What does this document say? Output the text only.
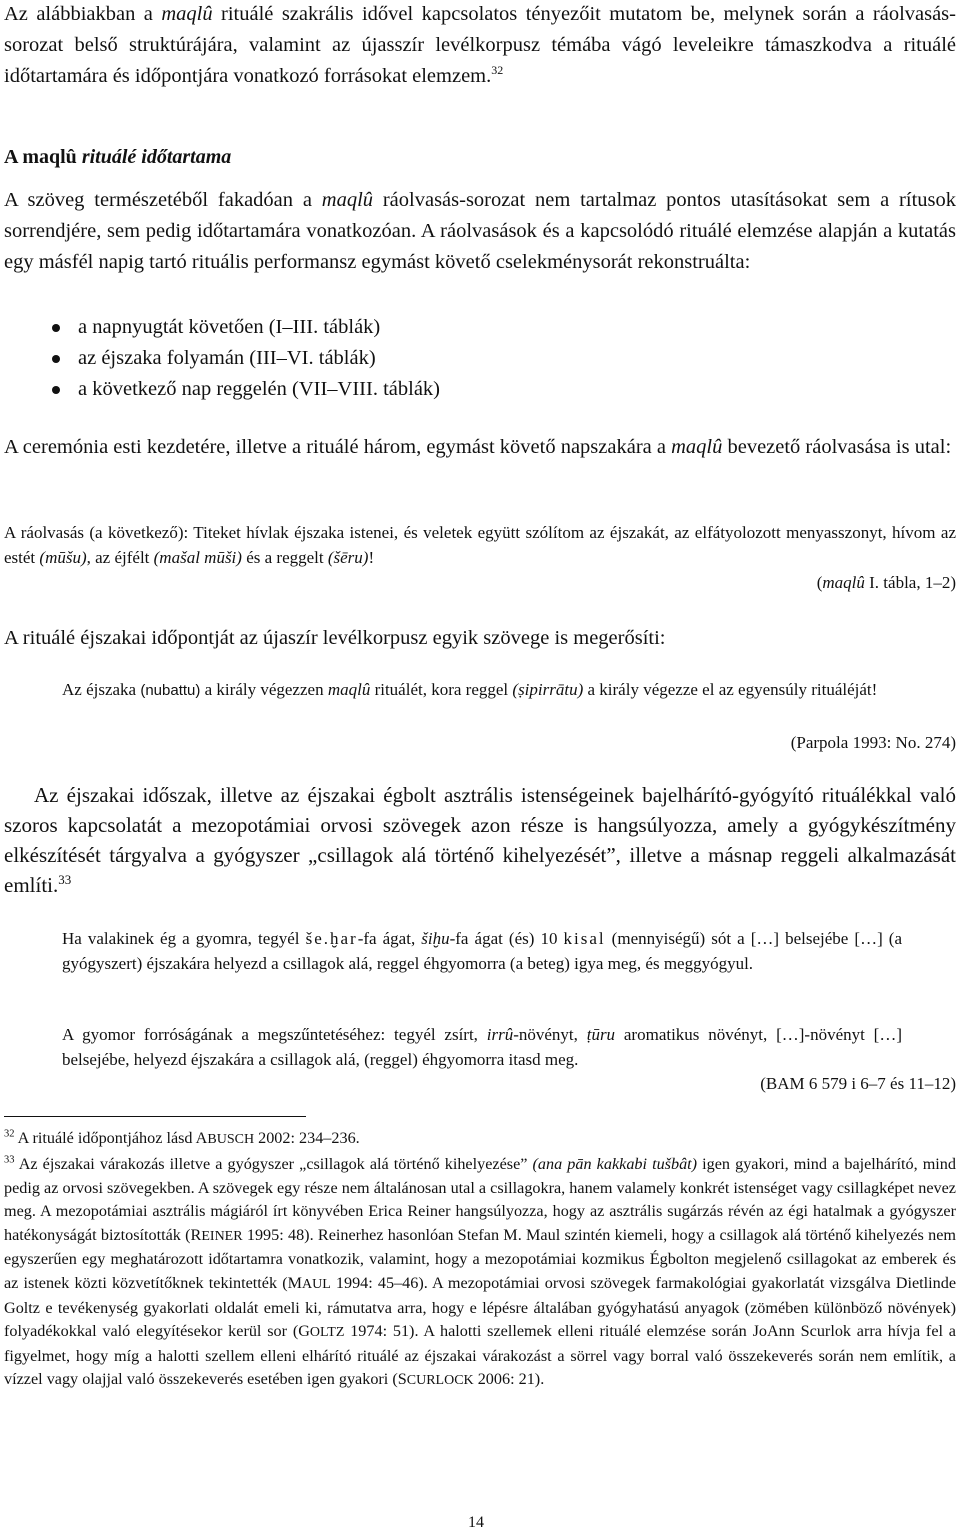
Az alábbiakban a maqlû rituálé szakrális idővel kapcsolatos tényezőit mutatom be, melynek során a ráolvasás-sorozat belső struktúrájára, valamint az újasszír levélkorpusz témába vágó leveleikre támaszkodva a rituálé időtartamára és időpontjára vonatkozó forrásokat elemzem.$^{32}$

A maqlû rituálé időtartama

A szöveg természetéből fakadóan a maqlû ráolvasás-sorozat nem tartalmaz pontos utasításokat sem a rítusok sorrendjére, sem pedig időtartamára vonatkozóan. A ráolvasások és a kapcsolódó rituálé elemzése alapján a kutatás egy másfél napig tartó rituális performansz egymást követő cselekménysorát rekonstruálta:

a napnyugtát követően (I–III. táblák)
az éjszaka folyamán (III–VI. táblák)
a következő nap reggelén (VII–VIII. táblák)

A ceremónia esti kezdetére, illetve a rituálé három, egymást követő napszakára a maqlû bevezető ráolvasása is utal:

A ráolvasás (a következő): Titeket hívlak éjszaka istenei, és veletek együtt szólítom az éjszakát, az elfátyolozott menyasszonyt, hívom az estét (mūšu), az éjfélt (mašal mūši) és a reggelt (šēru)!

(maqlû I. tábla, 1–2)

A rituálé éjszakai időpontját az újaszír levélkorpusz egyik szövege is megerősíti:

Az éjszaka (nubattu) a király végezzen maqlû rituálét, kora reggel (ṣipirrātu) a király végezze el az egyensúly rituáléját!

(Parpola 1993: No. 274)

Az éjszakai időszak, illetve az éjszakai égbolt asztrális istenségeinek bajelhárító-gyógyító rituálékkal való szoros kapcsolatát a mezopotámiai orvosi szövegek azon része is hangsúlyozza, amely a gyógykészítmény elkészítését tárgyalva a gyógyszer „csillagok alá történő kihelyezését”, illetve a másnap reggeli alkalmazását említi.$^{33}$

Ha valakinek ég a gyomra, tegyél še.ḫar-fa ágat, šiḫu-fa ágat (és) 10 kisal (mennyiségű) sót a […] belsejébe […] (a gyógyszert) éjszakára helyezd a csillagok alá, reggel éhgyomorra (a beteg) igya meg, és meggyógyul.

A gyomor forróságának a megszűntetéséhez: tegyél zsírt, irrû-növényt, ṭūru aromatikus növényt, […]-növényt […] belsejébe, helyezd éjszakára a csillagok alá, (reggel) éhgyomorra itasd meg.

(BAM 6 579 i 6–7 és 11–12)

$^{32}$ A rituálé időpontjához lásd ABUSCH 2002: 234–236.

$^{33}$ Az éjszakai várakozás illetve a gyógyszer „csillagok alá történő kihelyezése” (ana pān kakkabi tušbât) igen gyakori, mind a bajelhárító, mind pedig az orvosi szövegekben. A szövegek egy része nem általánosan utal a csillagokra, hanem valamely konkrét istenséget vagy csillagképet nevez meg. A mezopotámiai asztrális mágiáról írt könyvében Erica Reiner hangsúlyozza, hogy az asztrális sugárzás révén az égi hatalmak a gyógyszer hatékonyságát biztosították (REINER 1995: 48). Reinerhez hasonlóan Stefan M. Maul szintén kiemeli, hogy a csillagok alá történő kihelyezés nem egyszerűen egy meghatározott időtartamra vonatkozik, valamint, hogy a mezopotámiai kozmikus Égbolton megjelenő csillagokat az emberek és az istenek közti közvetítőknek tekintették (MAUL 1994: 45–46). A mezopotámiai orvosi szövegek farmakológiai gyakorlatát vizsgálva Dietlinde Goltz e tevékenység gyakorlati oldalát emeli ki, rámutatva arra, hogy e lépésre általában gyógyhatású anyagok (zömében különböző növények) folyadékokkal való elegyítésekor kerül sor (GOLTZ 1974: 51). A halotti szellemek elleni rituálé elemzése során JoAnn Scurlok arra hívja fel a figyelmet, hogy míg a halotti szellem elleni elhárító rituálé az éjszakai várakozást a sörrel vagy borral való összekeverés során nem említik, a vízzel vagy olajjal való összekeverés esetében igen gyakori (SCURLOCK 2006: 21).

14
